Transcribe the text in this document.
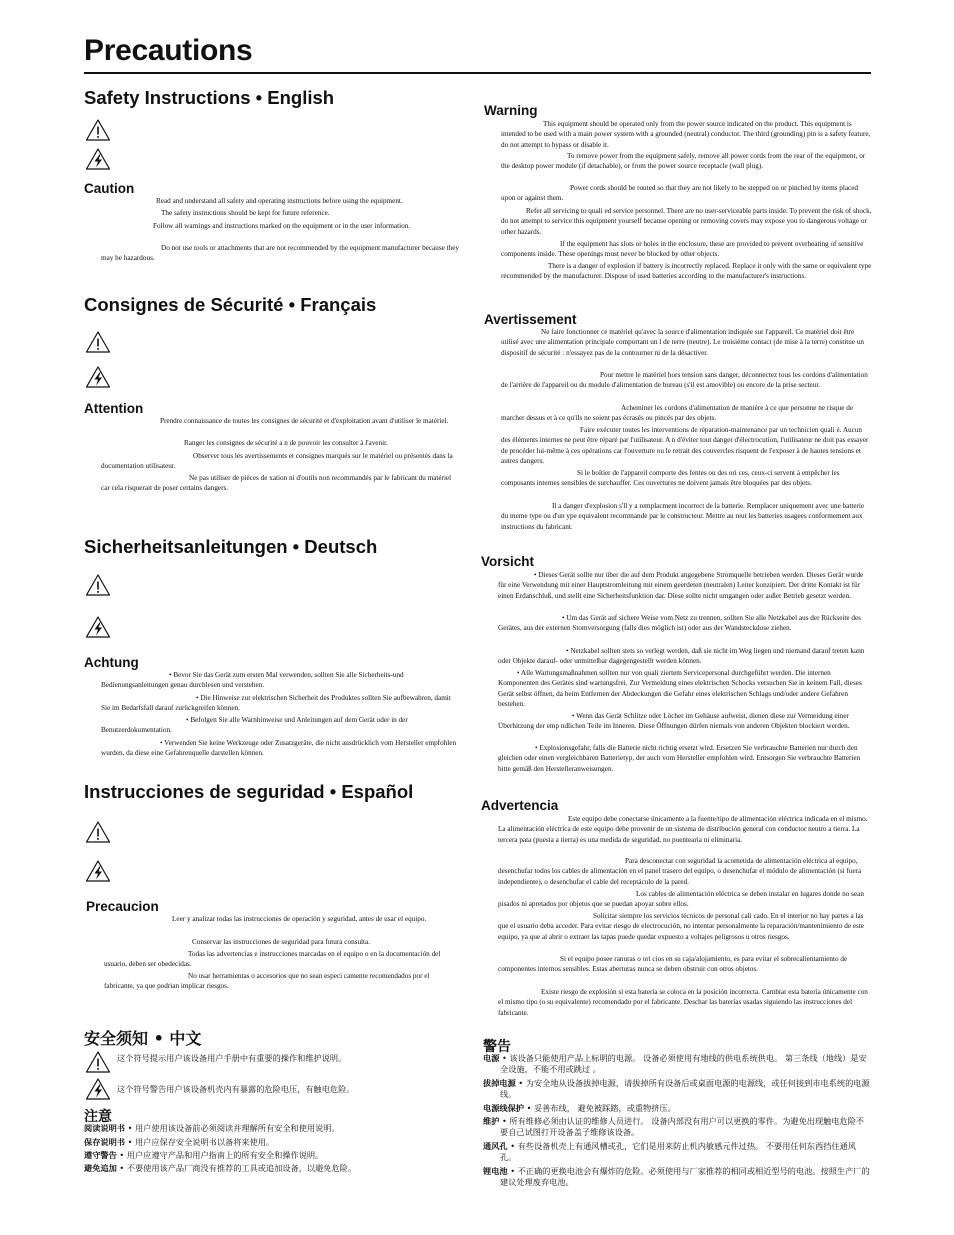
Precautions
Safety Instructions • English
Caution

Read and understand all safety and operating instructions before using the equipment.

The safety instructions should be kept for future reference.

Follow all warnings and instructions marked on the equipment or in the user information.

Do not use tools or attachments that are not recommended by the equipment manufacturer because they may be hazardous.

Consignes de Sécurité • Français
Attention

Prendre connaissance de toutes les consignes de sécurité et d'exploitation avant d'utiliser le matériel.

Ranger les consignes de sécurité a n de pouvoir les consulter à l'avenir.

Observer tous les avertissements et consignes marqués sur le matériel ou présentés dans la documentation utilisateur.

Ne pas utiliser de pièces de xation ni d'outils non recommandés par le fabricant du matériel car cela risquerait de poser certains dangers.

Sicherheitsanleitungen • Deutsch
Achtung

• Bevor Sie das Gerät zum ersten Mal verwenden, sollten Sie alle Sicherheits-und Bedienungsanleitungen genau durchlesen und verstehen.

• Die Hinweise zur elektrischen Sicherheit des Produktes sollten Sie aufbewahren, damit Sie im Bedarfsfall darauf zurückgreifen können.

• Befolgen Sie alle Warnhinweise und Anleitungen auf dem Gerät oder in der Benutzerdokumentation.

• Verwenden Sie keine Werkzeuge oder Zusatzgeräte, die nicht ausdrücklich vom Hersteller empfohlen wurden, da diese eine Gefahrenquelle darstellen können.

Instrucciones de seguridad • Español
Precaucion

Leer y analizar todas las instrucciones de operación y seguridad, antes de usar el equipo.

Conservar las instrucciones de seguridad para futura consulta.

Todas las advertencias e instrucciones marcadas en el equipo o en la documentación del usuario, deben ser obedecidas.

No usar herramientas o accesorios que no sean especi camente recomendados por el fabricante, ya que podrian implicar riesgos.

安全须知 • 中文

这个符号提示用户该设备用户手册中有重要的操作和维护说明。

这个符号警告用户该设备机壳内有暴露的危险电压，有触电危险。

注意

阅读说明书 • 用户使用该设备前必须阅读并理解所有安全和使用说明。

保存说明书 • 用户应保存安全说明书以备将来使用。

遵守警告 • 用户应遵守产品和用户指南上的所有安全和操作说明。

避免追加 • 不要使用该产品厂商没有推荐的工具或追加设备，以避免危险。

Warning

This equipment should be operated only from the power source indicated on the product. This equipment is intended to be used with a main power system with a grounded (neutral) conductor. The third (grounding) pin is a safety feature, do not attempt to bypass or disable it.

To remove power from the equipment safely, remove all power cords from the rear of the equipment, or the desktop power module (if detachable), or from the power source receptacle (wall plug).

Power cords should be routed so that they are not likely to be stepped on or pinched by items placed upon or against them.

Refer all servicing to quali ed service personnel. There are no user-serviceable parts inside. To prevent the risk of shock, do not attempt to service this equipment yourself because opening or removing covers may expose you to dangerous voltage or other hazards.

If the equipment has slots or holes in the enclosure, these are provided to prevent overheating of sensitive components inside. These openings must never be blocked by other objects.

There is a danger of explosion if battery is incorrectly replaced. Replace it only with the same or equivalent type recommended by the manufacturer. Dispose of used batteries according to the manufacturer's instructions.

Avertissement

Ne faire fonctionner ce matériel qu'avec la source d'alimentation indiquée sur l'appareil. Ce matériel doit être utilisé avec une alimentation principale comportant un l de terre (neutre). Le troisième contact (de mise à la terre) constitue un dispositif de sécurité : n'essayez pas de la contourner ni de la désactiver.

Pour mettre le matériel hors tension sans danger, déconnectez tous les cordons d'alimentation de l'arrière de l'appareil ou du module d'alimentation de bureau (s'il est amovible) ou encore de la prise secteur.

Acheminer les cordons d'alimentation de manière à ce que personne ne risque de marcher dessus et à ce qu'ils ne soient pas écrasés ou pincés par des objets.

Faire exécuter toutes les interventions de réparation-maintenance par un technicien quali é. Aucun des éléments internes ne peut être réparé par l'utilisateur. A n d'éviter tout danger d'électrocution, l'utilisateur ne doit pas essayer de procéder lui-même à ces opérations car l'ouverture ou le retrait des couvercles risquent de l'exposer à de hautes tensions et autres dangers.

Si le boîtier de l'appareil comporte des fentes ou des ori ces, ceux-ci servent à empêcher les composants internes sensibles de surchauffer. Ces ouvertures ne doivent jamais être bloquées par des objets.

Il a danger d'explosion s'll y a remplacment incorrect de la batterie. Remplacer uniquement avec une batterie du meme type ou d'un ype equivalent recommande par le constructeur. Mettre au reut les batteries usagees conformement aux instructions du fabricant.

Vorsicht

• Dieses Gerät sollte nur über die auf dem Produkt angegebene Stromquelle betrieben werden. Dieses Gerät wurde für eine Verwendung mit einer Hauptstromleitung mit einem geerdeten (neutralen) Leiter konzipiert. Der dritte Kontakt ist für einen Erdanschluß, und stellt eine Sicherheitsfunktion dar. Diese sollte nicht umgangen oder außer Betrieb gesetzt werden.

• Um das Gerät auf sichere Weise vom Netz zu trennen, sollten Sie alle Netzkabel aus der Rückseite des Gerätes, aus der externen Stomversorgung (falls dies möglich ist) oder aus der Wandsteckdose ziehen.

• Netzkabel sollten stets so verlegt werden, daß sie nicht im Weg liegen und niemand darauf treten kann oder Objekte darauf- oder unmittelbar dagegengestellt werden können.

• Alle Wartungsmaßnahmen sollten nur von quali ziertem Servicepersonal durchgeführt werden. Die internen Komponenten des Gerätes sind wartungsfrei. Zur Vermeidung eines elektrischen Schocks versuchen Sie in keinem Fall, dieses Gerät selbst öffnen, da beim Entfernen der Abdeckungen die Gefahr eines elektrischen Schlags und/oder andere Gefahren bestehen.

• Wenn das Gerät Schlitze oder Löcher im Gehäuse aufweist, dienen diese zur Vermeidung einer Überhitzung der emp ndlichen Teile im Inneren. Diese Öffnungen dürfen niemals von anderen Objekten blockiert werden.

• Explosionsgefahr, falls die Batterie nicht richtig ersetzt wird. Ersetzen Sie verbrauchte Batterien nur durch den gleichen oder einen vergleichbaren Batterietyp, der auch vom Hersteller empfohlen wird. Entsorgen Sie verbrauchte Batterien bitte gemäß den Herstelleranweisungen.

Advertencia

Este equipo debe conectarse únicamente a la fuente/tipo de alimentación eléctrica indicada en el mismo. La alimentación eléctrica de este equipo debe provenir de un sistema de distribución general con conductor neutro a tierra. La tercera pata (puesta a tierra) es una medida de seguridad, no puentearia ni eliminaria.

Para desconectar con seguridad la acometida de alimentación eléctrica al equipo, desenchufar todos los cables de alimentación en el panel trasero del equipo, o desenchufar el módulo de alimentación (si fuera independiente), o desenchufar el cable del receptáculo de la pared.

Los cables de alimentación eléctrica se deben instalar en lugares donde no sean pisados ni apretados por objetos que se puedan apoyar sobre ellos.

Solicitar siempre los servicios técnicos de personal cali cado. En el interior no hay partes a las que el usuario deba acceder. Para evitar riesgo de electrocución, no intentar personalmente la reparación/mantenimiento de este equipo, ya que al abrir o extraer las tapas puede quedar expuesto a voltajes peligrosos u otros riesgos.

Si el equipo posee ranuras o ori cios en su caja/alojamiento, es para evitar el sobrecalientamiento de componentes internos sensibles. Estas aberturas nunca se deben obstruir con otros objetos.

Existe riesgo de explosión si esta batería se coloca en la posición incorrecta. Cambiar esta batería únicamente con el mismo tipo (o su equivalente) recomendado por el fabricante. Deschar las baterías usadas siguiendo las instrucciones del fabricante.

警告

电源 • 该设备只能使用产品上标明的电源。 设备必须使用有地线的供电系统供电。 第三条线（地线）是安全设施，不能不用或跳过 。

拔掉电源 • 为安全地从设备拔掉电源，请拔掉所有设备后或桌面电源的电源线，或任何接到市电系统的电源线。

电源线保护 • 妥善布线， 避免被踩踏，或重物挤压。

维护 • 所有维修必须由认证的维修人员进行。 设备内部没有用户可以更换的零件。为避免出现触电危险不要自己试图打开设备盖子维修该设备。

通风孔 • 有些设备机壳上有通风槽或孔，它们是用来防止机内敏感元件过热。 不要用任何东西挡住通风孔。

锂电池 • 不正确的更换电池会有爆炸的危险。必须使用与厂家推荐的相同或相近型号的电池。按照生产厂的建议处理废弃电池。
